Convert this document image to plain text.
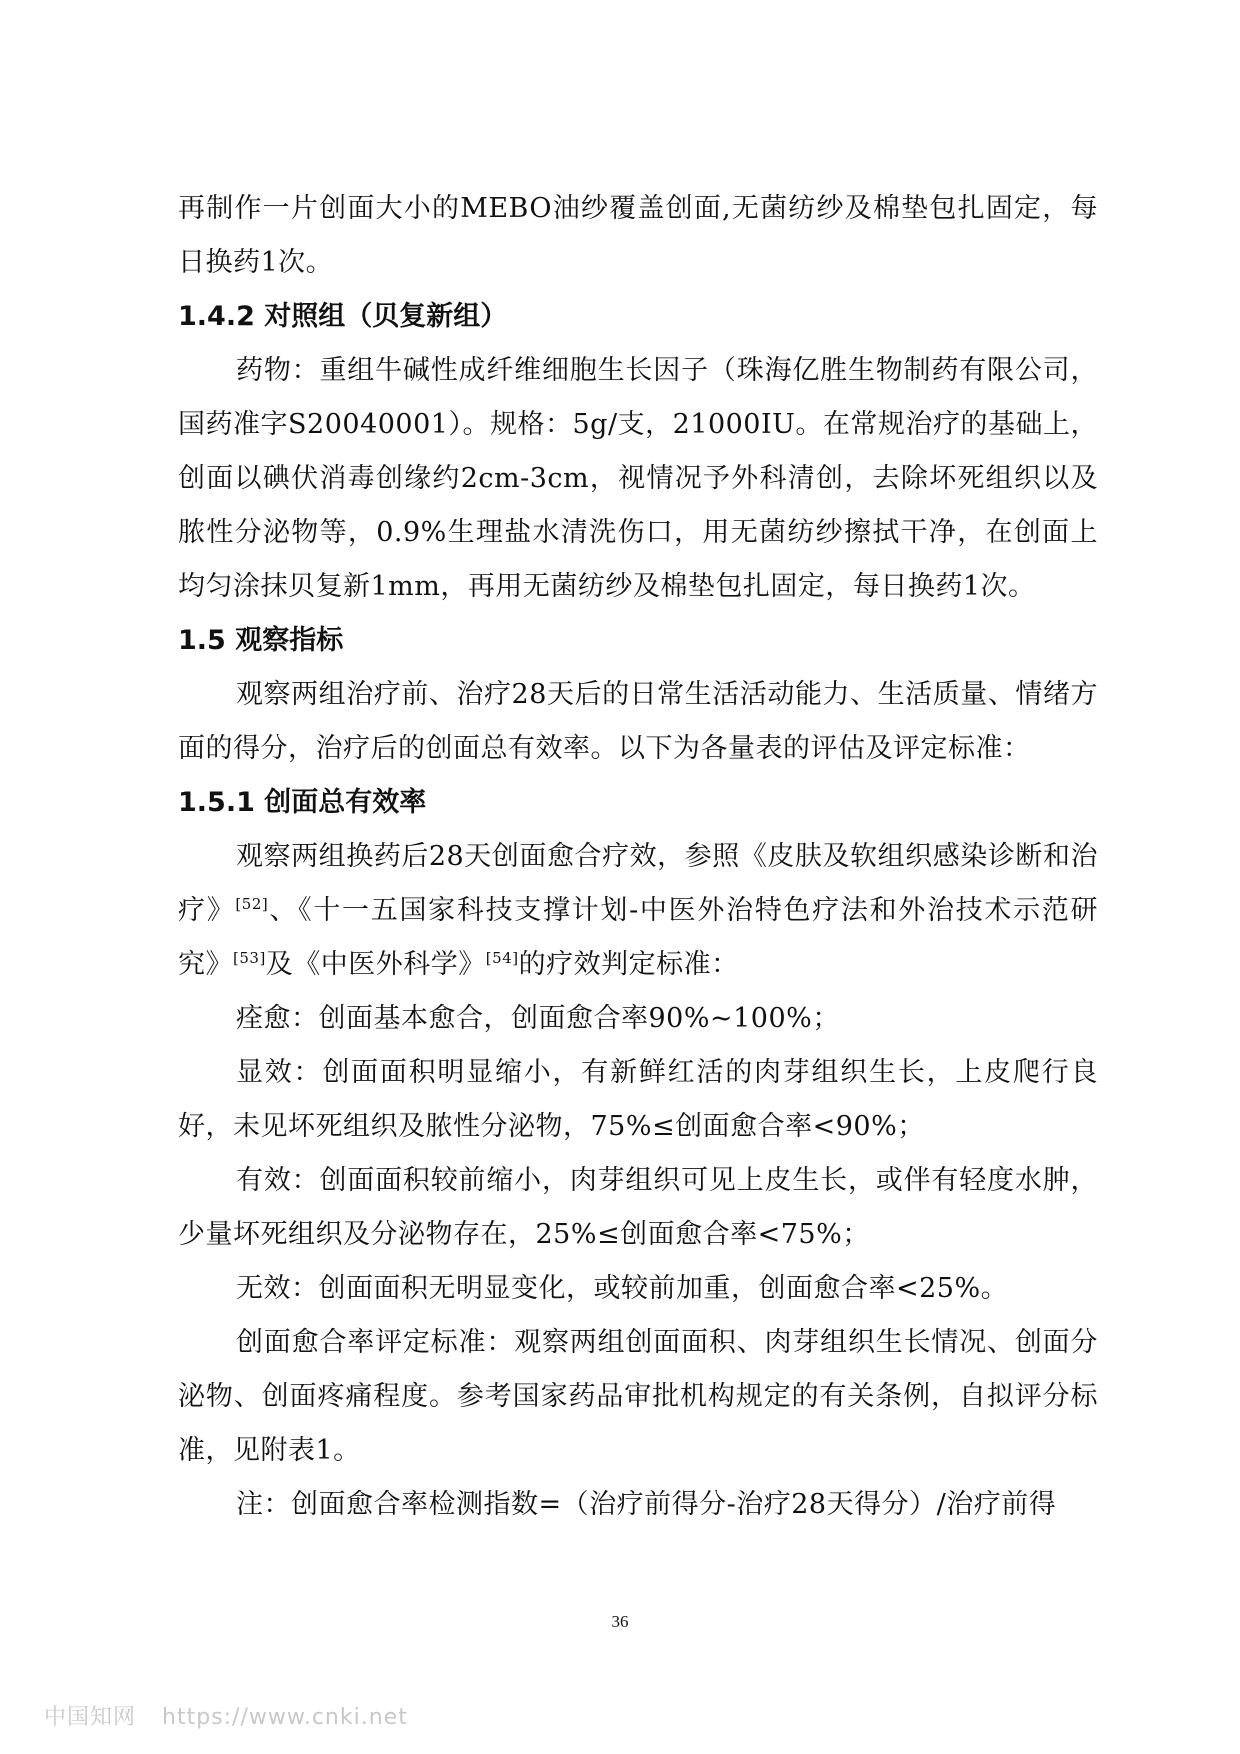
再制作一片创面大小的MEBO油纱覆盖创面,无菌纺纱及棉垫包扎固定，每日换药1次。

1.4.2 对照组（贝复新组）

药物：重组牛碱性成纤维细胞生长因子（珠海亿胜生物制药有限公司，国药准字S20040001）。规格：5g/支，21000IU。在常规治疗的基础上，创面以碘伏消毒创缘约2cm-3cm，视情况予外科清创，去除坏死组织以及脓性分泌物等，0.9%生理盐水清洗伤口，用无菌纺纱擦拭干净，在创面上均匀涂抹贝复新1mm，再用无菌纺纱及棉垫包扎固定，每日换药1次。

1.5 观察指标

观察两组治疗前、治疗28天后的日常生活活动能力、生活质量、情绪方面的得分，治疗后的创面总有效率。以下为各量表的评估及评定标准：

1.5.1 创面总有效率

观察两组换药后28天创面愈合疗效，参照《皮肤及软组织感染诊断和治疗》[52]、《十一五国家科技支撑计划-中医外治特色疗法和外治技术示范研究》[53]及《中医外科学》[54]的疗效判定标准：

痊愈：创面基本愈合，创面愈合率90%~100%；

显效：创面面积明显缩小，有新鲜红活的肉芽组织生长，上皮爬行良好，未见坏死组织及脓性分泌物，75%≤创面愈合率<90%；

有效：创面面积较前缩小，肉芽组织可见上皮生长，或伴有轻度水肿，少量坏死组织及分泌物存在，25%≤创面愈合率<75%；

无效：创面面积无明显变化，或较前加重，创面愈合率<25%。

创面愈合率评定标准：观察两组创面面积、肉芽组织生长情况、创面分泌物、创面疼痛程度。参考国家药品审批机构规定的有关条例，自拟评分标准，见附表1。

注：创面愈合率检测指数=（治疗前得分-治疗28天得分）/治疗前得

36
中国知网 https://www.cnki.net
